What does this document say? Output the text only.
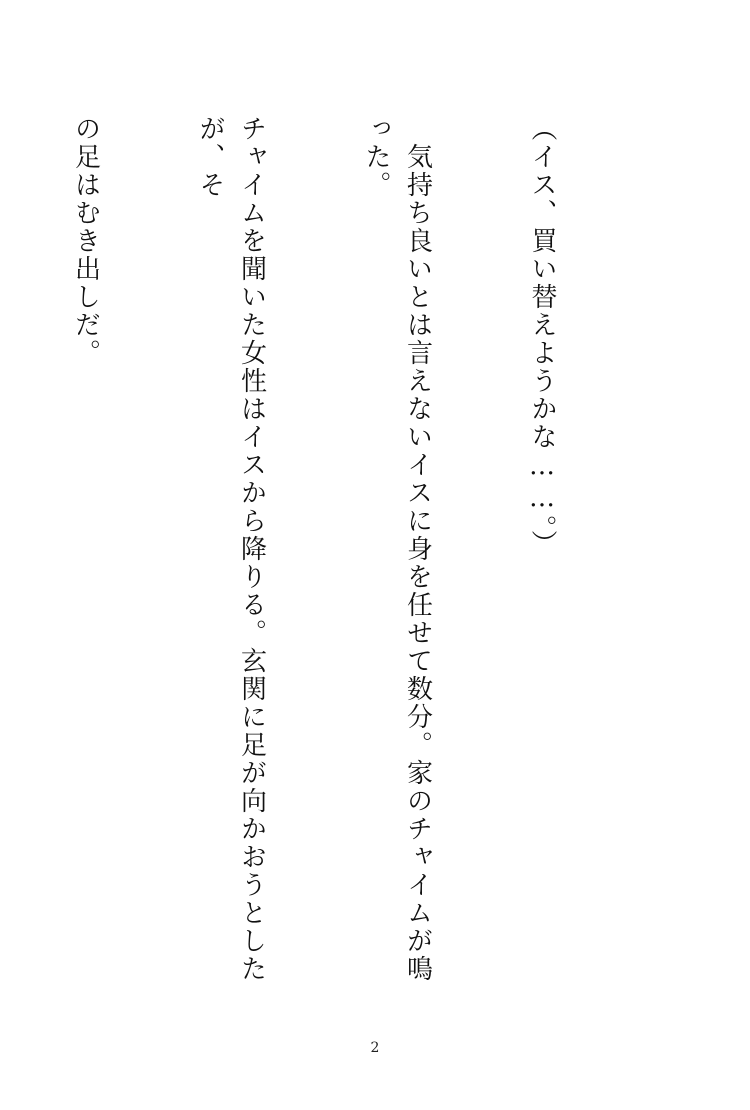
（イス、買い替えようかな……。）

　気持ち良いとは言えないイスに身を任せて数分。家のチャイムが鳴った。

チャイムを聞いた女性はイスから降りる。玄関に足が向かおうとしたが、そ

の足はむき出しだ。

2
